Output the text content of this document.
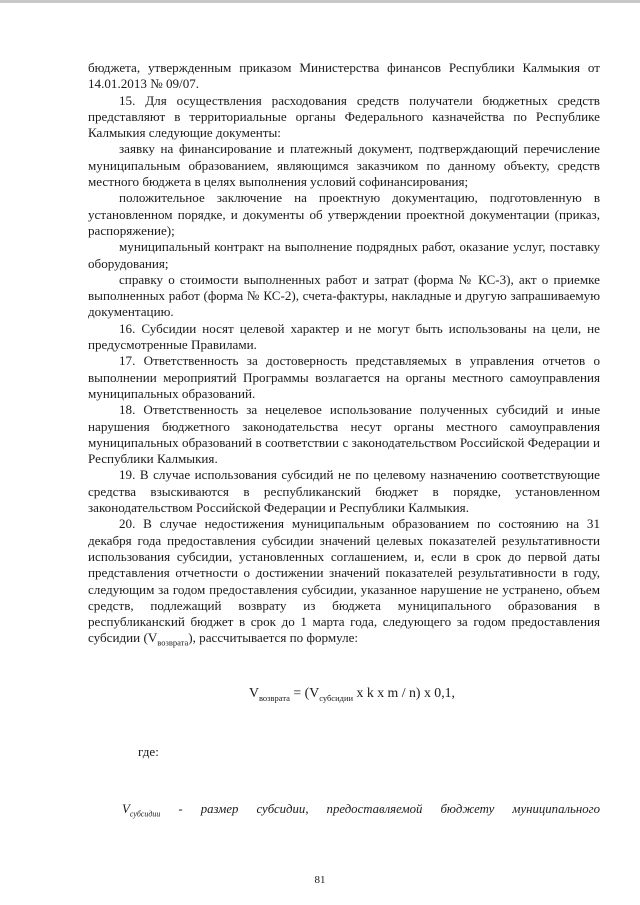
бюджета, утвержденным приказом Министерства финансов Республики Калмыкия от 14.01.2013 № 09/07.

15. Для осуществления расходования средств получатели бюджетных средств представляют в территориальные органы Федерального казначейства по Республике Калмыкия следующие документы:

заявку на финансирование и платежный документ, подтверждающий перечисление муниципальным образованием, являющимся заказчиком по данному объекту, средств местного бюджета в целях выполнения условий софинансирования;

положительное заключение на проектную документацию, подготовленную в установленном порядке, и документы об утверждении проектной документации (приказ, распоряжение);

муниципальный контракт на выполнение подрядных работ, оказание услуг, поставку оборудования;

справку о стоимости выполненных работ и затрат (форма № КС-3), акт о приемке выполненных работ (форма № КС-2), счета-фактуры, накладные и другую запрашиваемую документацию.

16. Субсидии носят целевой характер и не могут быть использованы на цели, не предусмотренные Правилами.

17. Ответственность за достоверность представляемых в управления отчетов о выполнении мероприятий Программы возлагается на органы местного самоуправления муниципальных образований.

18. Ответственность за нецелевое использование полученных субсидий и иные нарушения бюджетного законодательства несут органы местного самоуправления муниципальных образований в соответствии с законодательством Российской Федерации и Республики Калмыкия.

19. В случае использования субсидий не по целевому назначению соответствующие средства взыскиваются в республиканский бюджет в порядке, установленном законодательством Российской Федерации и Республики Калмыкия.

20. В случае недостижения муниципальным образованием по состоянию на 31 декабря года предоставления субсидии значений целевых показателей результативности использования субсидии, установленных соглашением, и, если в срок до первой даты представления отчетности о достижении значений показателей результативности в году, следующим за годом предоставления субсидии, указанное нарушение не устранено, объем средств, подлежащий возврату из бюджета муниципального образования в республиканский бюджет в срок до 1 марта года, следующего за годом предоставления субсидии $(V_{возврата})$, рассчитывается по формуле:

$V_{возврата} = (V_{субсидии}$ x k x m / n) x 0,1,

где:

$V_{субсидии}$ - размер субсидии, предоставляемой бюджету муниципального

81
